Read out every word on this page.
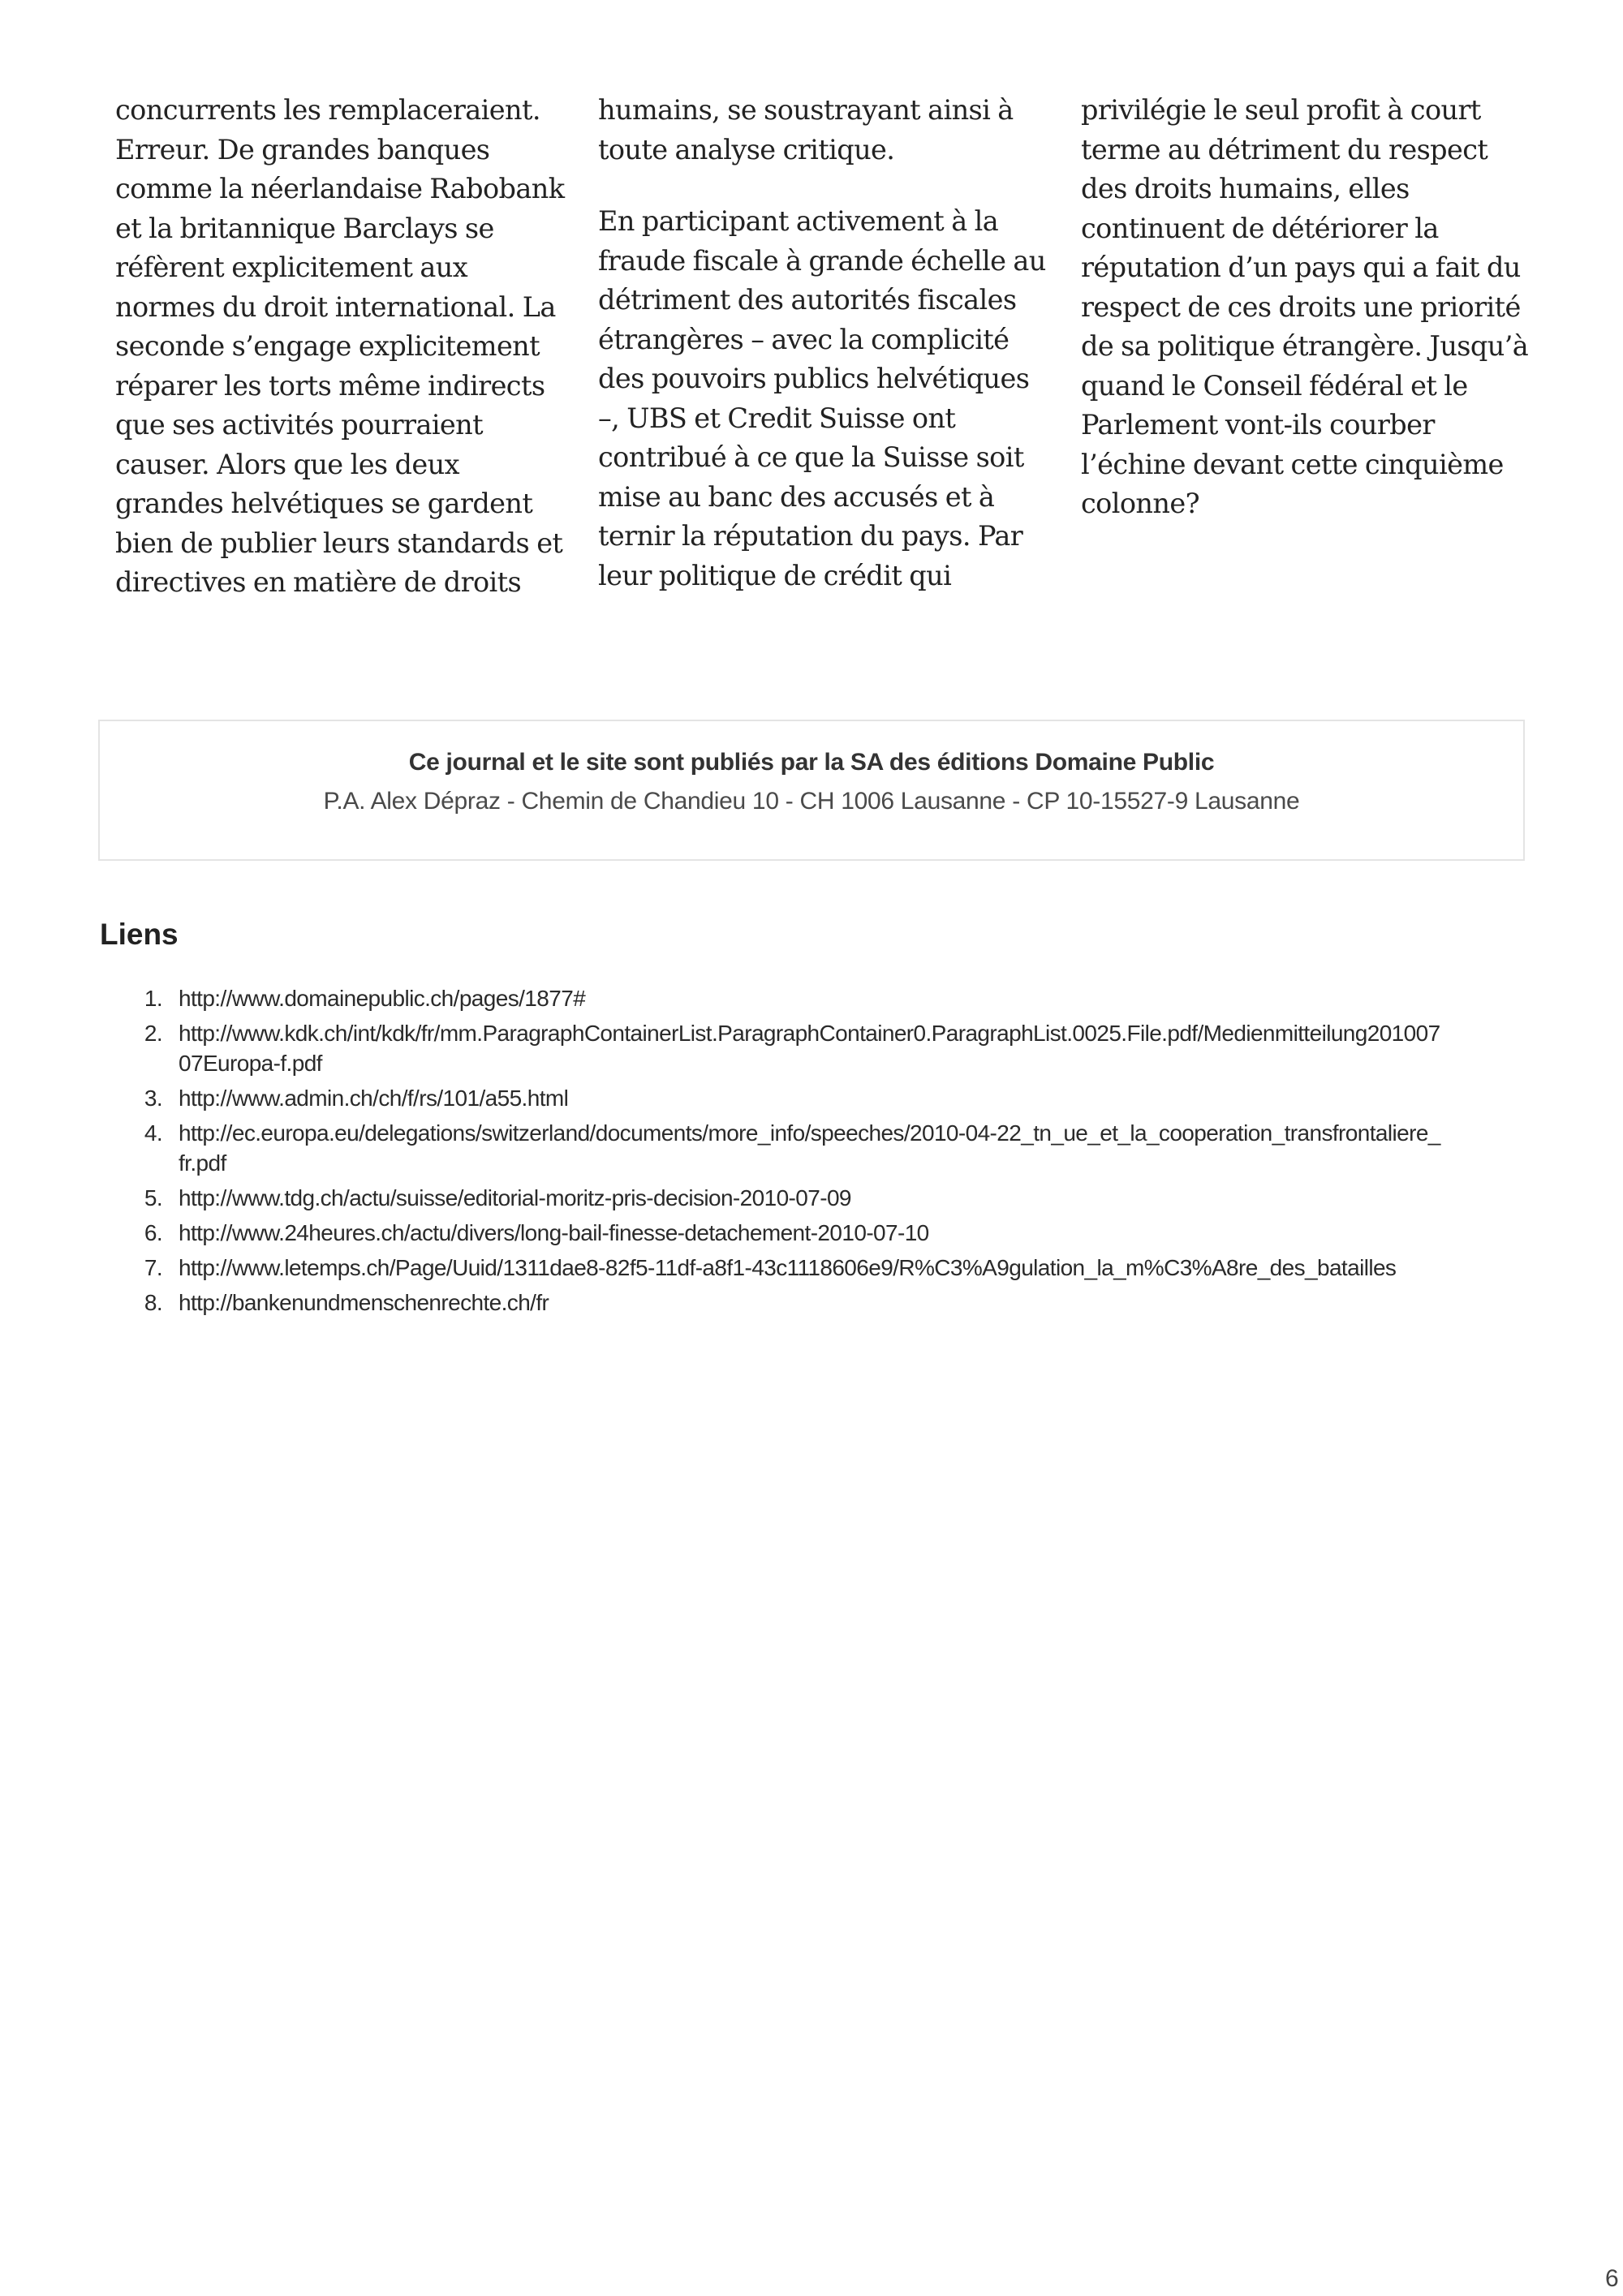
concurrents les remplaceraient. Erreur. De grandes banques comme la néerlandaise Rabobank et la britannique Barclays se réfèrent explicitement aux normes du droit international. La seconde s’engage explicitement réparer les torts même indirects que ses activités pourraient causer. Alors que les deux grandes helvétiques se gardent bien de publier leurs standards et directives en matière de droits

humains, se soustrayant ainsi à toute analyse critique.

En participant activement à la fraude fiscale à grande échelle au détriment des autorités fiscales étrangères – avec la complicité des pouvoirs publics helvétiques –, UBS et Credit Suisse ont contribué à ce que la Suisse soit mise au banc des accusés et à ternir la réputation du pays. Par leur politique de crédit qui

privilégie le seul profit à court terme au détriment du respect des droits humains, elles continuent de détériorer la réputation d’un pays qui a fait du respect de ces droits une priorité de sa politique étrangère. Jusqu’à quand le Conseil fédéral et le Parlement vont-ils courber l’échine devant cette cinquième colonne?

Ce journal et le site sont publiés par la SA des éditions Domaine Public
P.A. Alex Dépraz - Chemin de Chandieu 10 - CH 1006 Lausanne - CP 10-15527-9 Lausanne
Liens
1. http://www.domainepublic.ch/pages/1877#
2. http://www.kdk.ch/int/kdk/fr/mm.ParagraphContainerList.ParagraphContainer0.ParagraphList.0025.File.pdf/Medienmitteilung20100707Europa-f.pdf
3. http://www.admin.ch/ch/f/rs/101/a55.html
4. http://ec.europa.eu/delegations/switzerland/documents/more_info/speeches/2010-04-22_tn_ue_et_la_cooperation_transfrontaliere_fr.pdf
5. http://www.tdg.ch/actu/suisse/editorial-moritz-pris-decision-2010-07-09
6. http://www.24heures.ch/actu/divers/long-bail-finesse-detachement-2010-07-10
7. http://www.letemps.ch/Page/Uuid/1311dae8-82f5-11df-a8f1-43c1118606e9/R%C3%A9gulation_la_m%C3%A8re_des_batailles
8. http://bankenundmenschenrechte.ch/fr
6
